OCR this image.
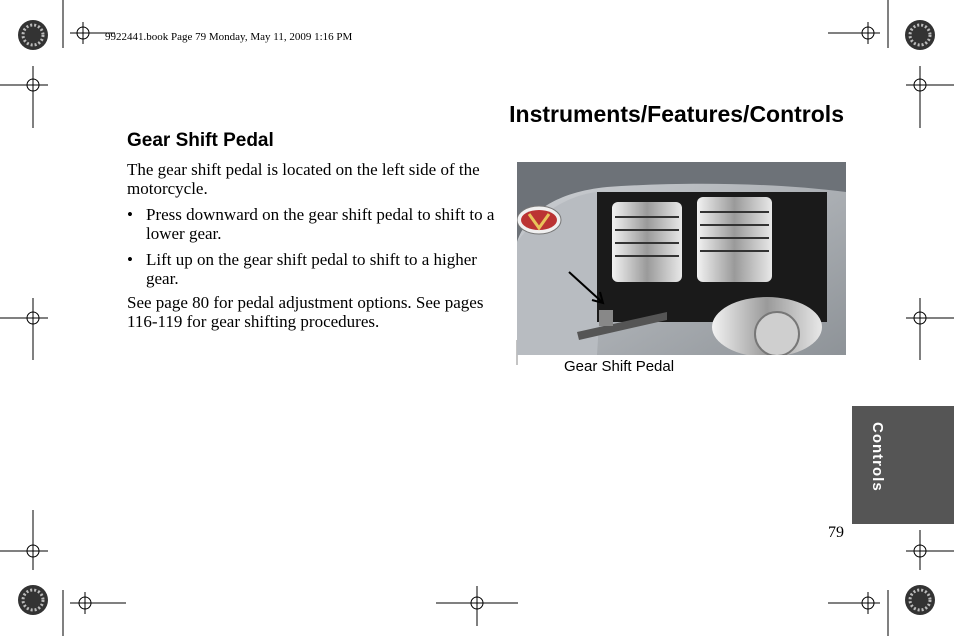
9922441.book Page 79 Monday, May 11, 2009 1:16 PM
Instruments/Features/Controls
Gear Shift Pedal
The gear shift pedal is located on the left side of the motorcycle.
• Press downward on the gear shift pedal to shift to a lower gear.
• Lift up on the gear shift pedal to shift to a higher gear.
See page 80 for pedal adjustment options. See pages 116-119 for gear shifting procedures.
Gear Shift Pedal
Controls
79
